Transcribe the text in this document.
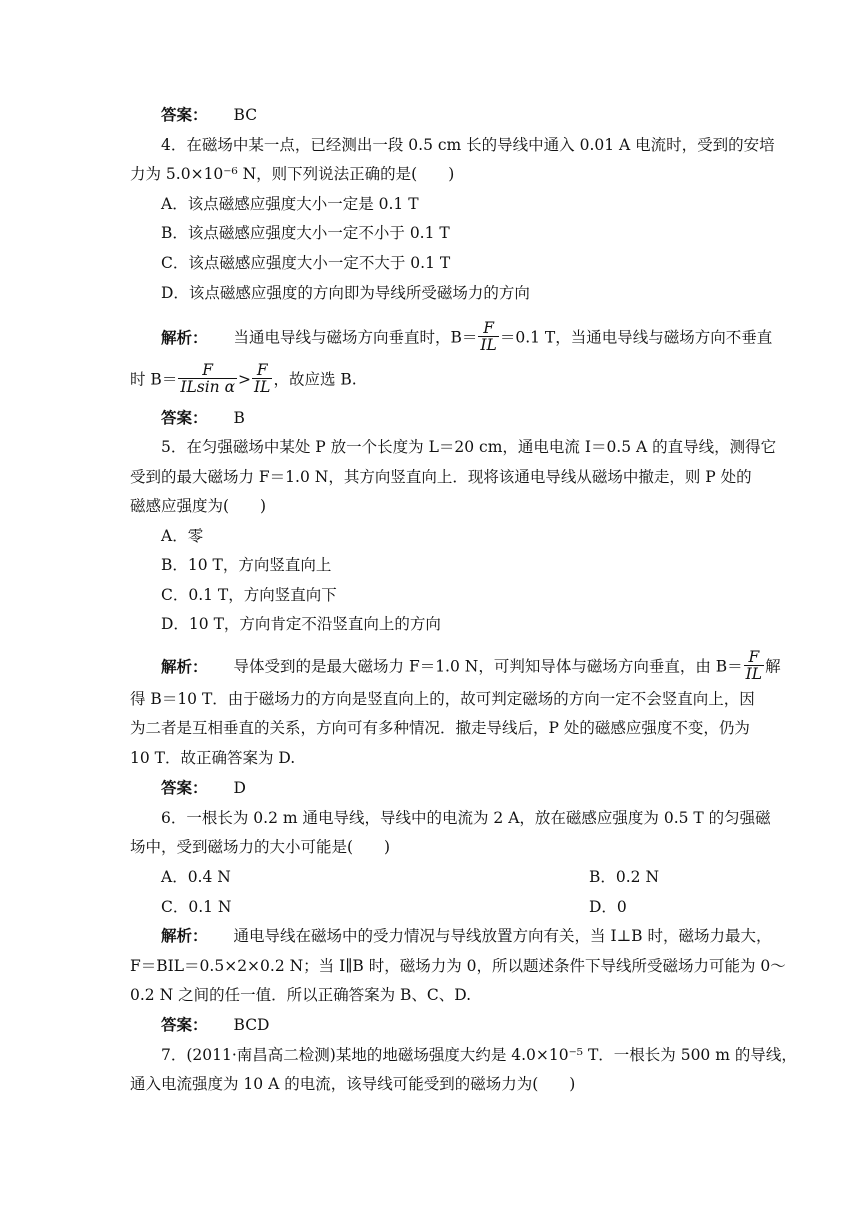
答案： BC
4．在磁场中某一点，已经测出一段 0.5 cm 长的导线中通入 0.01 A 电流时，受到的安培
力为 5.0×10⁻⁶ N，则下列说法正确的是(　　)
A．该点磁感应强度大小一定是 0.1 T
B．该点磁感应强度大小一定不小于 0.1 T
C．该点磁感应强度大小一定不大于 0.1 T
D．该点磁感应强度的方向即为导线所受磁场力的方向
解析： 当通电导线与磁场方向垂直时，$B= \frac{F}{IL} =0.1$ T，当通电导线与磁场方向不垂直
时 $B= \frac{F}{\text{ILsin α}} > \frac{F}{IL}$ ，故应选 B.
答案： B
5．在匀强磁场中某处 P 放一个长度为 L＝20 cm，通电电流 I＝0.5 A 的直导线，测得它
受到的最大磁场力 F＝1.0 N，其方向竖直向上．现将该通电导线从磁场中撤走，则 P 处的
磁感应强度为(　　)
A．零
B．10 T，方向竖直向上
C．0.1 T，方向竖直向下
D．10 T，方向肯定不沿竖直向上的方向
解析： 导体受到的是最大磁场力 F＝1.0 N，可判知导体与磁场方向垂直，由 $B= \frac{F}{IL}$ 解
得 B＝10 T．由于磁场力的方向是竖直向上的，故可判定磁场的方向一定不会竖直向上，因
为二者是互相垂直的关系，方向可有多种情况．撤走导线后，P 处的磁感应强度不变，仍为
10 T．故正确答案为 D.
答案： D
6．一根长为 0.2 m 通电导线，导线中的电流为 2 A，放在磁感应强度为 0.5 T 的匀强磁
场中，受到磁场力的大小可能是(　　)
A．0.4 N	B．0.2 N
C．0.1 N	D．0
解析： 通电导线在磁场中的受力情况与导线放置方向有关，当 I⊥B 时，磁场力最大，
F＝BIL＝0.5×2×0.2 N；当 I∥B 时，磁场力为 0，所以题述条件下导线所受磁场力可能为 0～
0.2 N 之间的任一值．所以正确答案为 B、C、D.
答案： BCD
7．(2011·南昌高二检测)某地的地磁场强度大约是 4.0×10⁻⁵ T．一根长为 500 m 的导线，
通入电流强度为 10 A 的电流，该导线可能受到的磁场力为(　　)
